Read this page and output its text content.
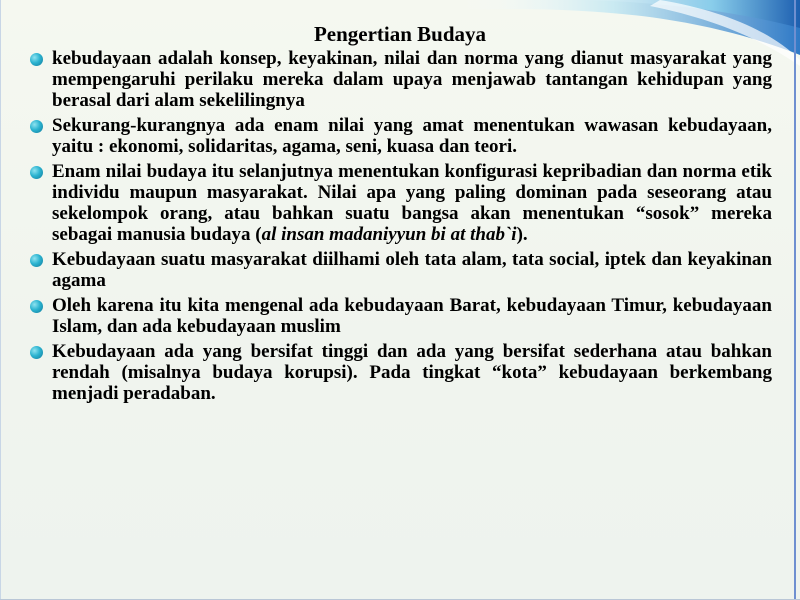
Pengertian Budaya
kebudayaan adalah konsep, keyakinan, nilai dan norma yang dianut masyarakat yang mempengaruhi perilaku mereka dalam upaya menjawab tantangan kehidupan yang berasal dari alam sekelilingnya
Sekurang-kurangnya ada enam nilai yang amat menentukan wawasan kebudayaan, yaitu : ekonomi, solidaritas, agama, seni, kuasa dan teori.
Enam nilai budaya itu selanjutnya menentukan konfigurasi kepribadian dan norma etik individu maupun masyarakat. Nilai apa yang paling dominan pada seseorang atau sekelompok orang, atau bahkan suatu bangsa akan menentukan “sosok” mereka sebagai manusia budaya (al insan madaniyyun bi at thab`i).
Kebudayaan suatu masyarakat diilhami oleh tata alam, tata social, iptek dan keyakinan agama
Oleh karena itu kita mengenal ada kebudayaan Barat, kebudayaan Timur, kebudayaan Islam, dan ada kebudayaan muslim
Kebudayaan ada yang bersifat tinggi dan ada yang bersifat sederhana atau bahkan rendah (misalnya budaya korupsi). Pada tingkat “kota” kebudayaan berkembang menjadi peradaban.
